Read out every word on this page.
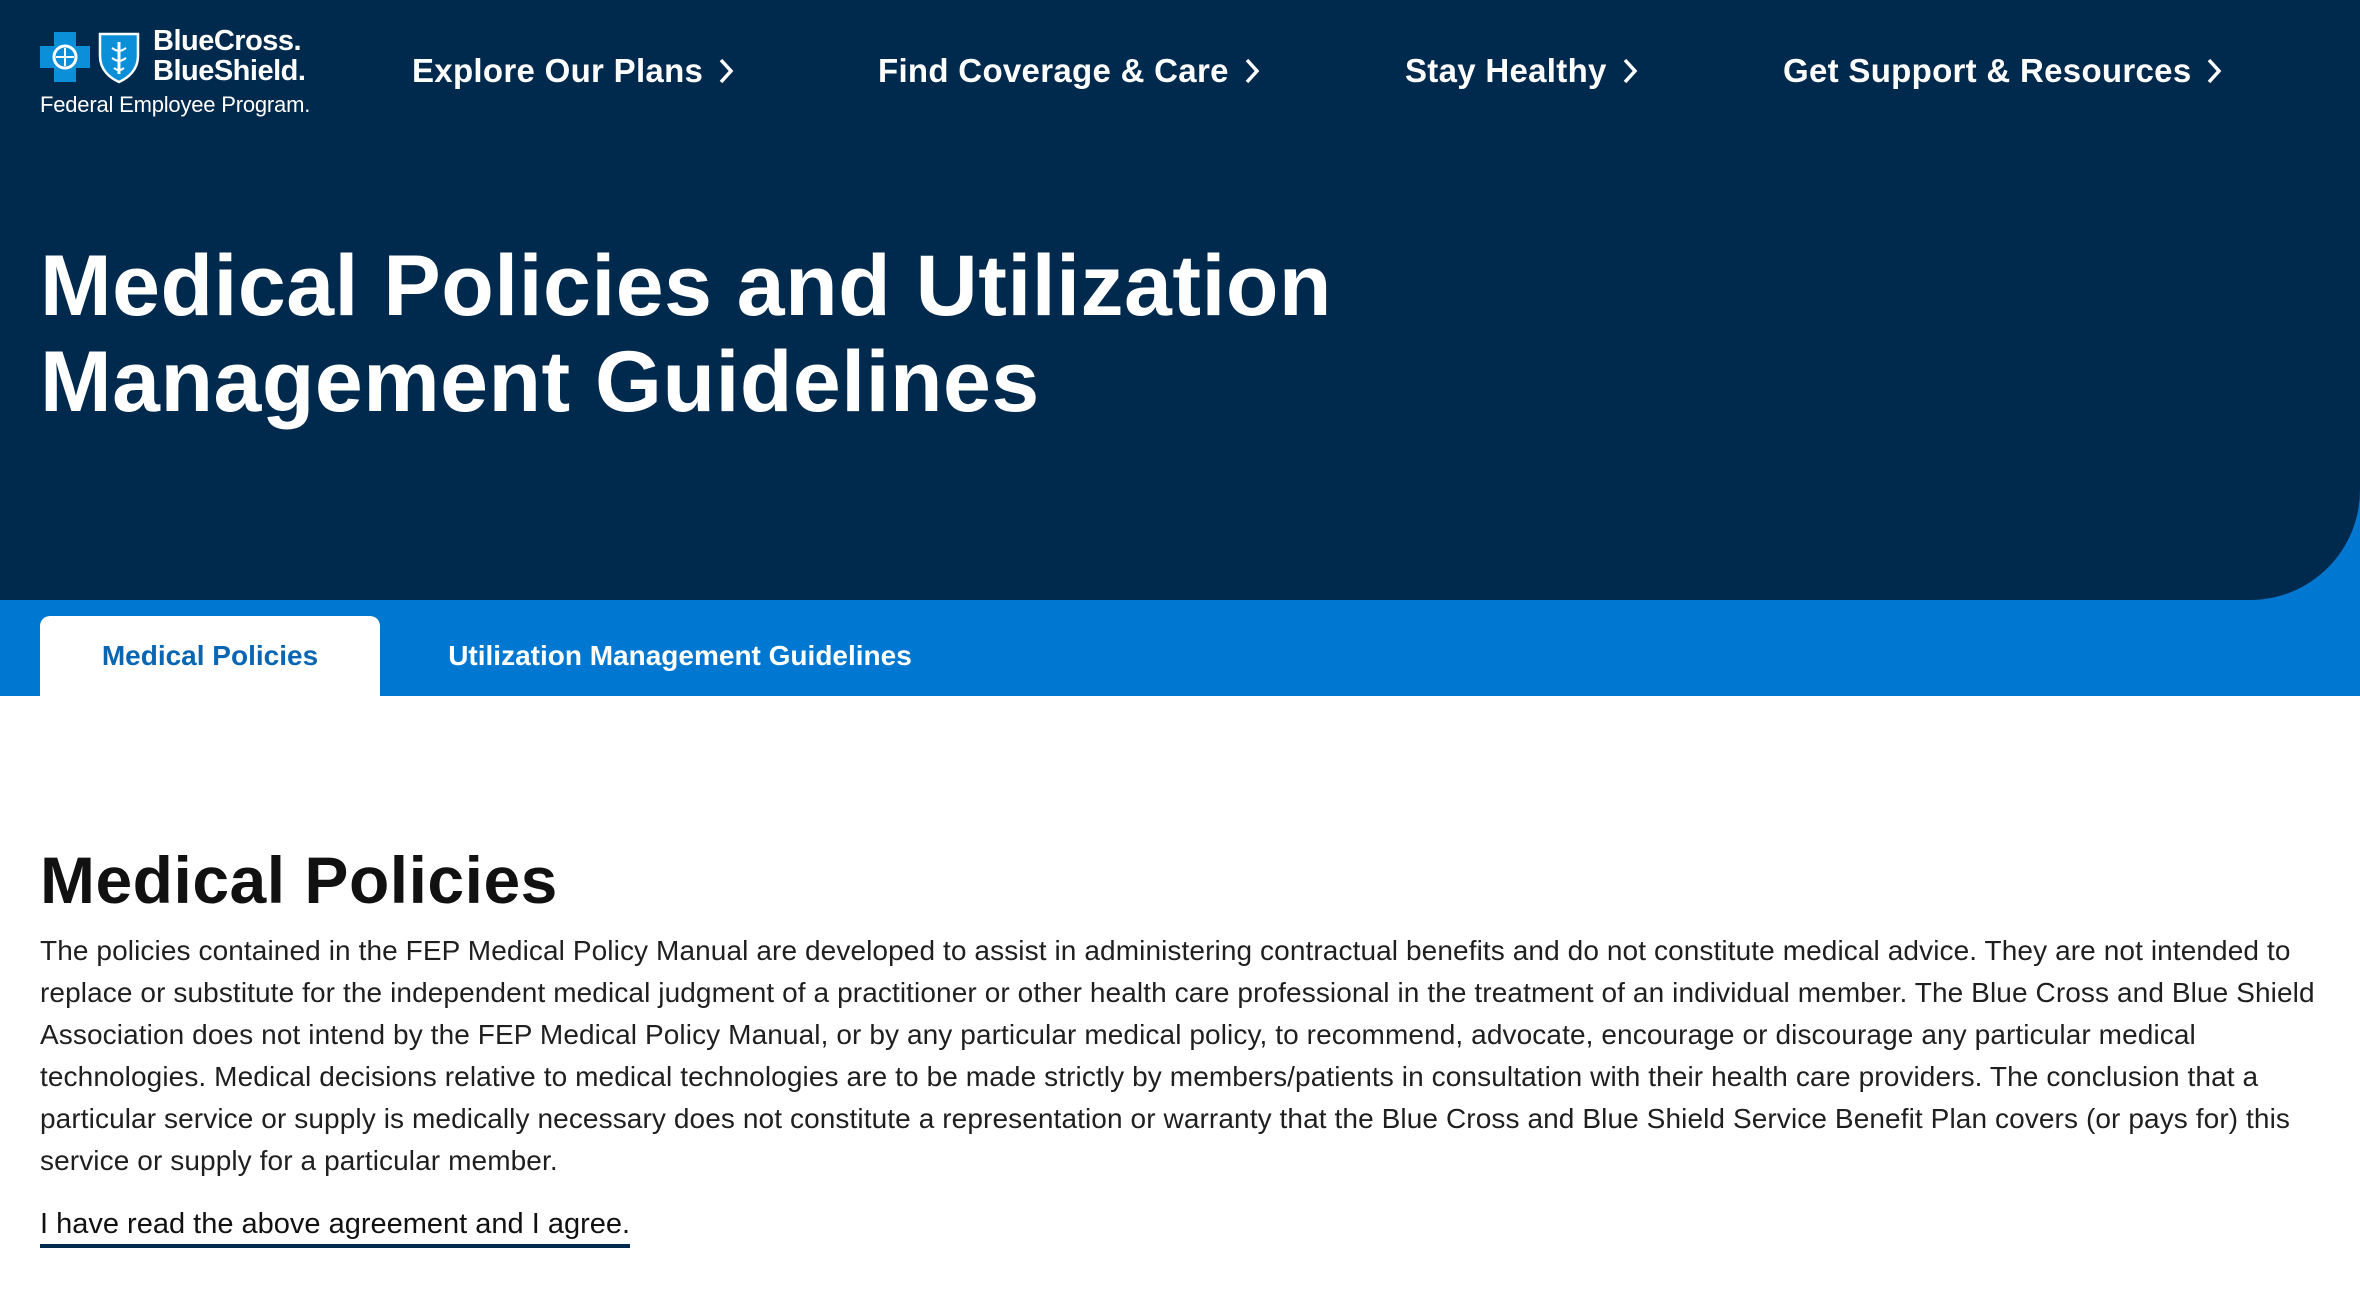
BlueCross.
BlueShield.
Federal Employee Program.
Explore Our Plans	Find Coverage & Care	Stay Healthy	Get Support & Resources
Medical Policies and Utilization
Management Guidelines
Medical Policies	Utilization Management Guidelines
Medical Policies

The policies contained in the FEP Medical Policy Manual are developed to assist in administering contractual benefits and do not constitute medical advice. They are not intended to replace or substitute for the independent medical judgment of a practitioner or other health care professional in the treatment of an individual member. The Blue Cross and Blue Shield Association does not intend by the FEP Medical Policy Manual, or by any particular medical policy, to recommend, advocate, encourage or discourage any particular medical technologies. Medical decisions relative to medical technologies are to be made strictly by members/patients in consultation with their health care providers. The conclusion that a particular service or supply is medically necessary does not constitute a representation or warranty that the Blue Cross and Blue Shield Service Benefit Plan covers (or pays for) this service or supply for a particular member.

I have read the above agreement and I agree.
